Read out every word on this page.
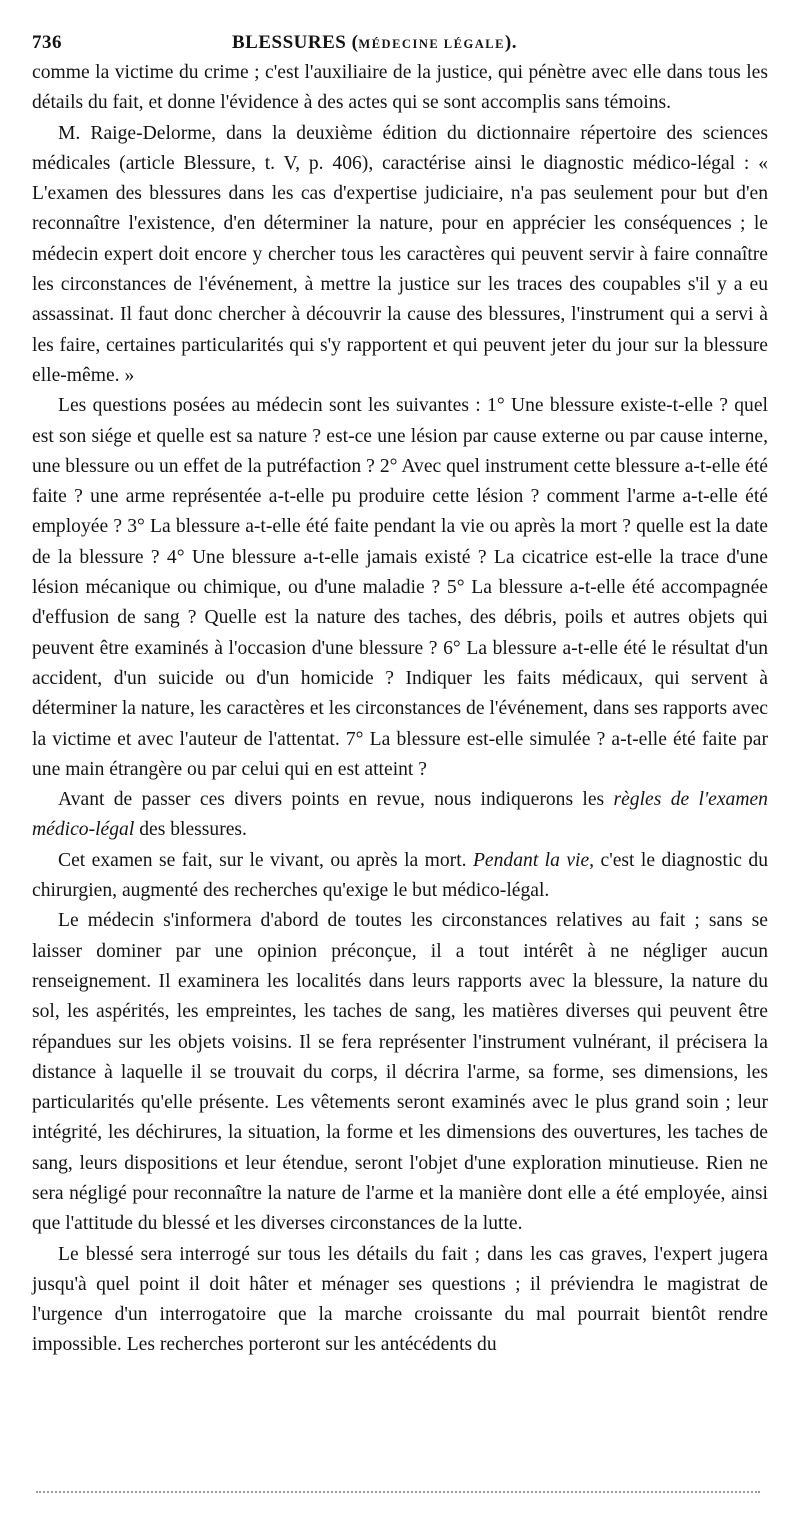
736	BLESSURES (MÉDECINE LÉGALE).

comme la victime du crime ; c'est l'auxiliaire de la justice, qui pénètre avec elle dans tous les détails du fait, et donne l'évidence à des actes qui se sont accomplis sans témoins.

M. Raige-Delorme, dans la deuxième édition du dictionnaire répertoire des sciences médicales (article Blessure, t. V, p. 406), caractérise ainsi le diagnostic médico-légal : « L'examen des blessures dans les cas d'expertise judiciaire, n'a pas seulement pour but d'en reconnaître l'existence, d'en déterminer la nature, pour en apprécier les conséquences ; le médecin expert doit encore y chercher tous les caractères qui peuvent servir à faire connaître les circonstances de l'événement, à mettre la justice sur les traces des coupables s'il y a eu assassinat. Il faut donc chercher à découvrir la cause des blessures, l'instrument qui a servi à les faire, certaines particularités qui s'y rapportent et qui peuvent jeter du jour sur la blessure elle-même. »

Les questions posées au médecin sont les suivantes : 1° Une blessure existe-t-elle ? quel est son siége et quelle est sa nature ? est-ce une lésion par cause externe ou par cause interne, une blessure ou un effet de la putréfaction ? 2° Avec quel instrument cette blessure a-t-elle été faite ? une arme représentée a-t-elle pu produire cette lésion ? comment l'arme a-t-elle été employée ? 3° La blessure a-t-elle été faite pendant la vie ou après la mort ? quelle est la date de la blessure ? 4° Une blessure a-t-elle jamais existé ? La cicatrice est-elle la trace d'une lésion mécanique ou chimique, ou d'une maladie ? 5° La blessure a-t-elle été accompagnée d'effusion de sang ? Quelle est la nature des taches, des débris, poils et autres objets qui peuvent être examinés à l'occasion d'une blessure ? 6° La blessure a-t-elle été le résultat d'un accident, d'un suicide ou d'un homicide ? Indiquer les faits médicaux, qui servent à déterminer la nature, les caractères et les circonstances de l'événement, dans ses rapports avec la victime et avec l'auteur de l'attentat. 7° La blessure est-elle simulée ? a-t-elle été faite par une main étrangère ou par celui qui en est atteint ?

Avant de passer ces divers points en revue, nous indiquerons les règles de l'examen médico-légal des blessures.

Cet examen se fait, sur le vivant, ou après la mort. Pendant la vie, c'est le diagnostic du chirurgien, augmenté des recherches qu'exige le but médico-légal.

Le médecin s'informera d'abord de toutes les circonstances relatives au fait ; sans se laisser dominer par une opinion préconçue, il a tout intérêt à ne négliger aucun renseignement. Il examinera les localités dans leurs rapports avec la blessure, la nature du sol, les aspérités, les empreintes, les taches de sang, les matières diverses qui peuvent être répandues sur les objets voisins. Il se fera représenter l'instrument vulnérant, il précisera la distance à laquelle il se trouvait du corps, il décrira l'arme, sa forme, ses dimensions, les particularités qu'elle présente. Les vêtements seront examinés avec le plus grand soin ; leur intégrité, les déchirures, la situation, la forme et les dimensions des ouvertures, les taches de sang, leurs dispositions et leur étendue, seront l'objet d'une exploration minutieuse. Rien ne sera négligé pour reconnaître la nature de l'arme et la manière dont elle a été employée, ainsi que l'attitude du blessé et les diverses circonstances de la lutte.

Le blessé sera interrogé sur tous les détails du fait ; dans les cas graves, l'expert jugera jusqu'à quel point il doit hâter et ménager ses questions ; il préviendra le magistrat de l'urgence d'un interrogatoire que la marche croissante du mal pourrait bientôt rendre impossible. Les recherches porteront sur les antécédents du
